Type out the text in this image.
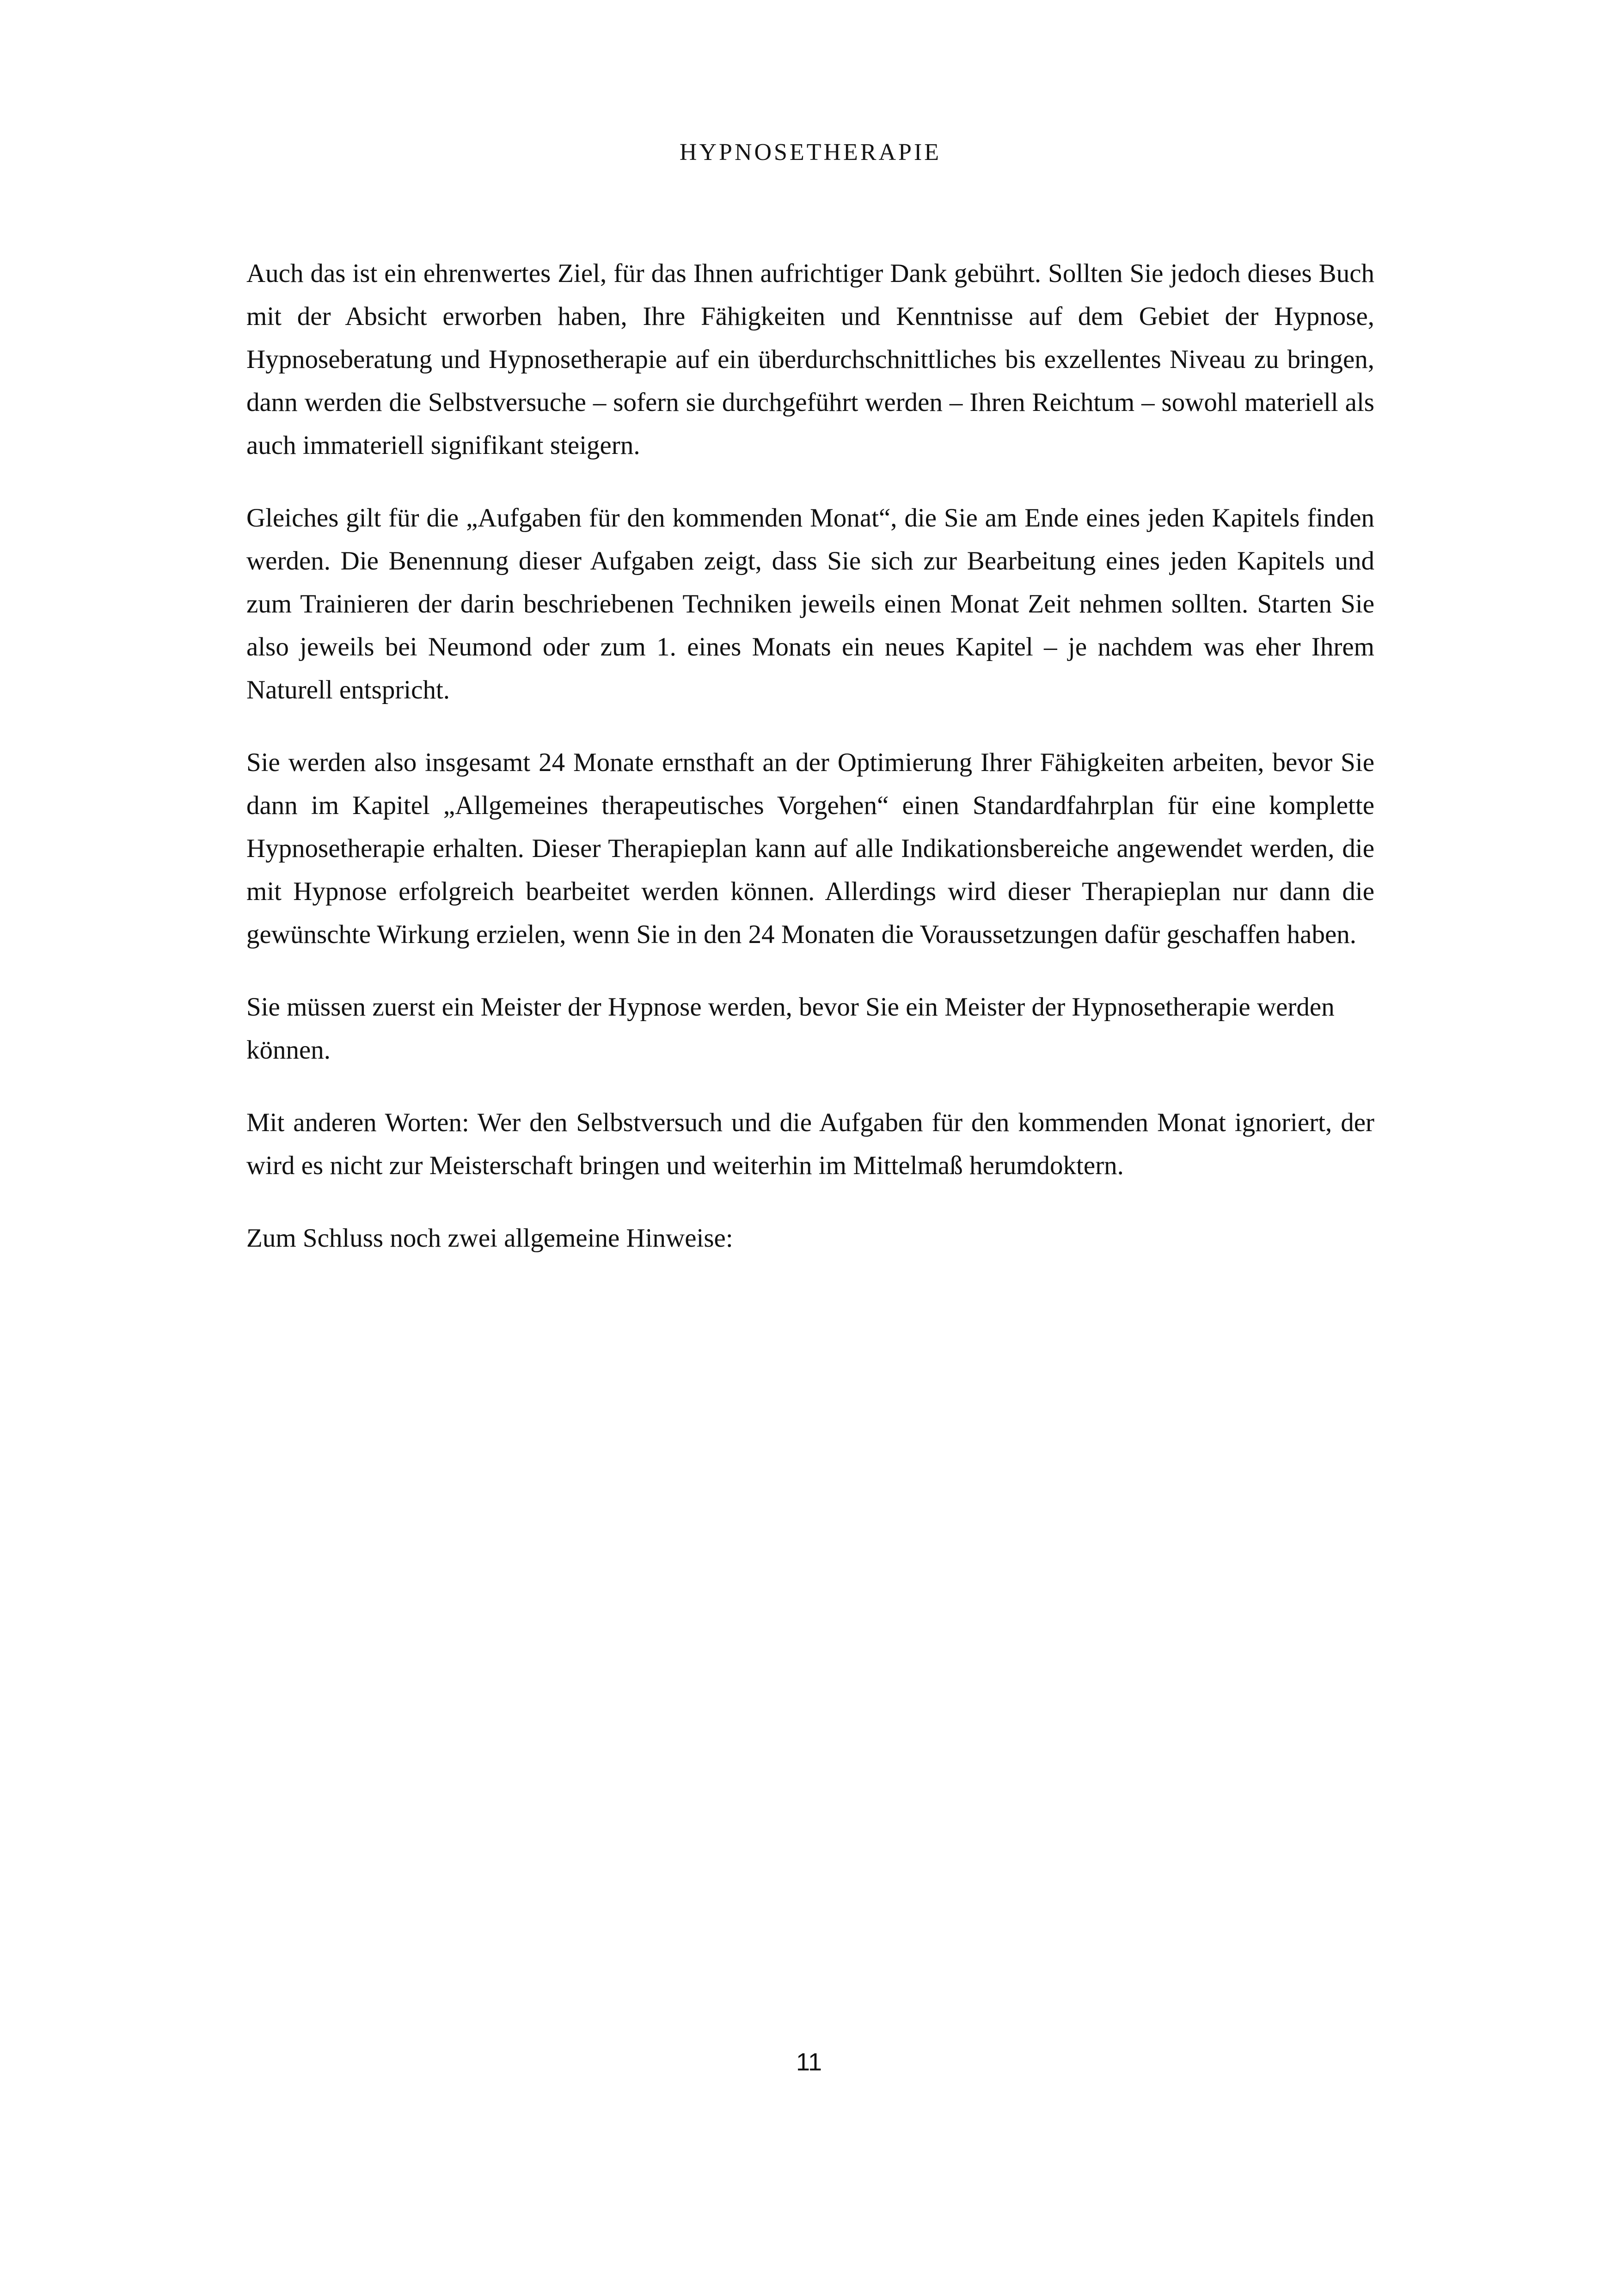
HYPNOSETHERAPIE

Auch das ist ein ehrenwertes Ziel, für das Ihnen aufrichtiger Dank gebührt. Sollten Sie jedoch dieses Buch mit der Absicht erworben haben, Ihre Fähigkeiten und Kenntnisse auf dem Gebiet der Hypnose, Hypnoseberatung und Hypnosetherapie auf ein überdurchschnittliches bis exzellentes Niveau zu bringen, dann werden die Selbstversuche – sofern sie durchgeführt werden – Ihren Reichtum – sowohl materiell als auch immateriell signifikant steigern.

Gleiches gilt für die „Aufgaben für den kommenden Monat“, die Sie am Ende eines jeden Kapitels finden werden. Die Benennung dieser Aufgaben zeigt, dass Sie sich zur Bearbeitung eines jeden Kapitels und zum Trainieren der darin beschriebenen Techniken jeweils einen Monat Zeit nehmen sollten. Starten Sie also jeweils bei Neumond oder zum 1. eines Monats ein neues Kapitel – je nachdem was eher Ihrem Naturell entspricht.

Sie werden also insgesamt 24 Monate ernsthaft an der Optimierung Ihrer Fähigkeiten arbeiten, bevor Sie dann im Kapitel „Allgemeines therapeutisches Vorgehen“ einen Standardfahrplan für eine komplette Hypnosetherapie erhalten. Dieser Therapieplan kann auf alle Indikationsbereiche angewendet werden, die mit Hypnose erfolgreich bearbeitet werden können. Allerdings wird dieser Therapieplan nur dann die gewünschte Wirkung erzielen, wenn Sie in den 24 Monaten die Voraussetzungen dafür geschaffen haben.

Sie müssen zuerst ein Meister der Hypnose werden, bevor Sie ein Meister der Hypnosetherapie werden können.

Mit anderen Worten: Wer den Selbstversuch und die Aufgaben für den kommenden Monat ignoriert, der wird es nicht zur Meisterschaft bringen und weiterhin im Mittelmaß herumdoktern.

Zum Schluss noch zwei allgemeine Hinweise:

11
